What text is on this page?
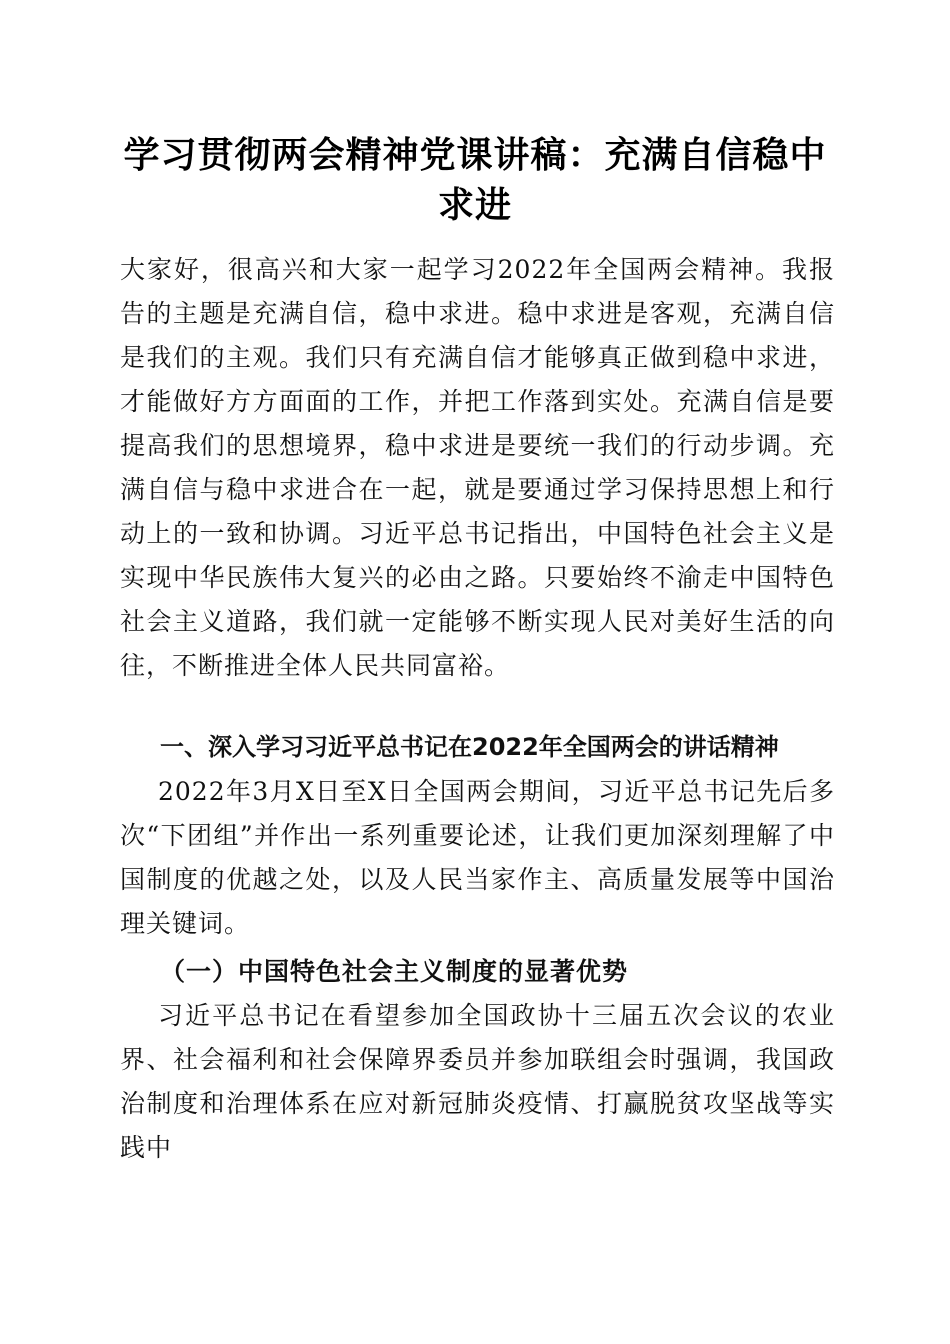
学习贯彻两会精神党课讲稿：充满自信稳中求进

大家好，很高兴和大家一起学习2022年全国两会精神。我报告的主题是充满自信，稳中求进。稳中求进是客观，充满自信是我们的主观。我们只有充满自信才能够真正做到稳中求进，才能做好方方面面的工作，并把工作落到实处。充满自信是要提高我们的思想境界，稳中求进是要统一我们的行动步调。充满自信与稳中求进合在一起，就是要通过学习保持思想上和行动上的一致和协调。习近平总书记指出，中国特色社会主义是实现中华民族伟大复兴的必由之路。只要始终不渝走中国特色社会主义道路，我们就一定能够不断实现人民对美好生活的向往，不断推进全体人民共同富裕。

一、深入学习习近平总书记在2022年全国两会的讲话精神

2022年3月X日至X日全国两会期间，习近平总书记先后多次“下团组”并作出一系列重要论述，让我们更加深刻理解了中国制度的优越之处，以及人民当家作主、高质量发展等中国治理关键词。

（一）中国特色社会主义制度的显著优势

习近平总书记在看望参加全国政协十三届五次会议的农业界、社会福利和社会保障界委员并参加联组会时强调，我国政治制度和治理体系在应对新冠肺炎疫情、打赢脱贫攻坚战等实践中
